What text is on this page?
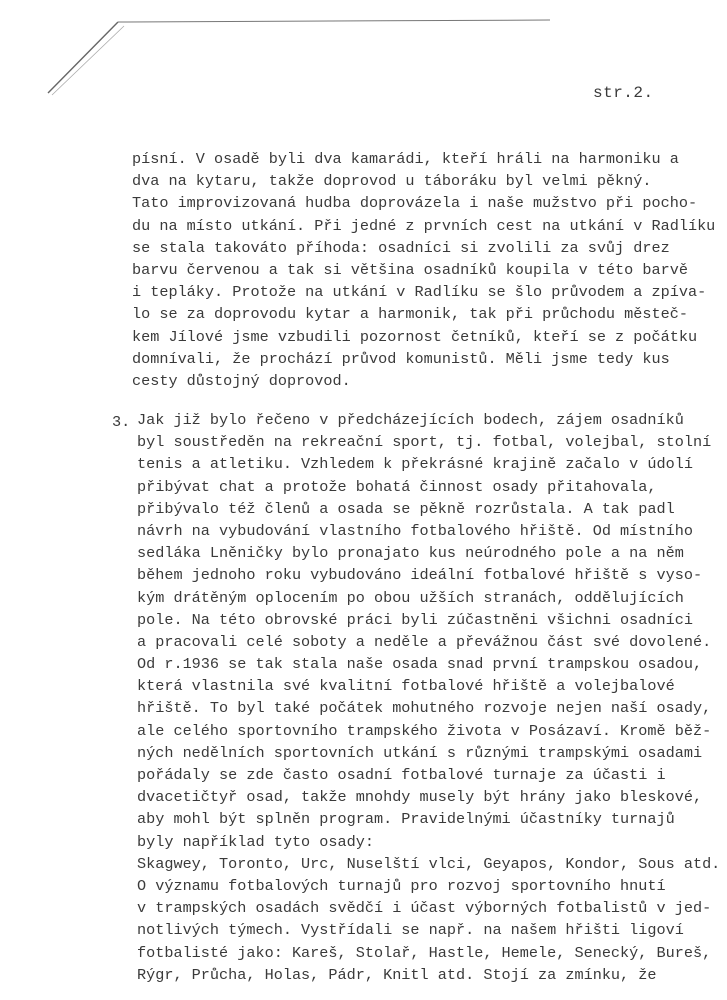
str.2.
písní. V osadě byli dva kamarádi, kteří hráli na harmoniku a
dva na kytaru, takže doprovod u táboráku byl velmi pěkný.
Tato improvizovaná hudba doprovázela i naše mužstvo při pocho-
du na místo utkání. Při jedné z prvních cest na utkání v Radlíku
se stala takováto příhoda: osadníci si zvolili za svůj drez
barvu červenou a tak si většina osadníků koupila v této barvě
i tepláky. Protože na utkání v Radlíku se šlo průvodem a zpíva-
lo se za doprovodu kytar a harmonik, tak při průchodu městeč-
kem Jílové jsme vzbudili pozornost četníků, kteří se z počátku
domnívali, že prochází průvod komunistů. Měli jsme tedy kus
cesty důstojný doprovod.
3. Jak již bylo řečeno v předcházejících bodech, zájem osadníků
byl soustředěn na rekreační sport, tj. fotbal, volejbal, stolní
tenis a atletiku. Vzhledem k překrásné krajině začalo v údolí
přibývat chat a protože bohatá činnost osady přitahovala,
přibývalo též členů a osada se pěkně rozrůstala. A tak padl
návrh na vybudování vlastního fotbalového hřiště. Od místního
sedláka Lněničky bylo pronajato kus neúrodného pole a na něm
během jednoho roku vybudováno ideální fotbalové hřiště s vyso-
kým drátěným oplocením po obou užších stranách, oddělujících
pole. Na této obrovské práci byli zúčastněni všichni osadníci
a pracovali celé soboty a neděle a převážnou část své dovolené.
Od r.1936 se tak stala naše osada snad první trampskou osadou,
která vlastnila své kvalitní fotbalové hřiště a volejbalové
hřiště. To byl také počátek mohutného rozvoje nejen naší osady,
ale celého sportovního trampského života v Posázaví. Kromě běž-
ných nedělních sportovních utkání s různými trampskými osadami
pořádaly se zde často osadní fotbalové turnaje za účasti i
dvacetičtyř osad, takže mnohdy musely být hrány jako bleskové,
aby mohl být splněn program. Pravidelnými účastníky turnajů
byly například tyto osady:
Skagwey, Toronto, Urc, Nuselští vlci, Geyapos, Kondor, Sous atd.
O významu fotbalových turnajů pro rozvoj sportovního hnutí
v trampských osadách svědčí i účast výborných fotbalistů v jed-
notlivých týmech. Vystřídali se např. na našem hřišti ligoví
fotbalisté jako: Kareš, Stolař, Hastle, Hemele, Senecký, Bureš,
Rýgr, Průcha, Holas, Pádr, Knitl atd. Stojí za zmínku, že
